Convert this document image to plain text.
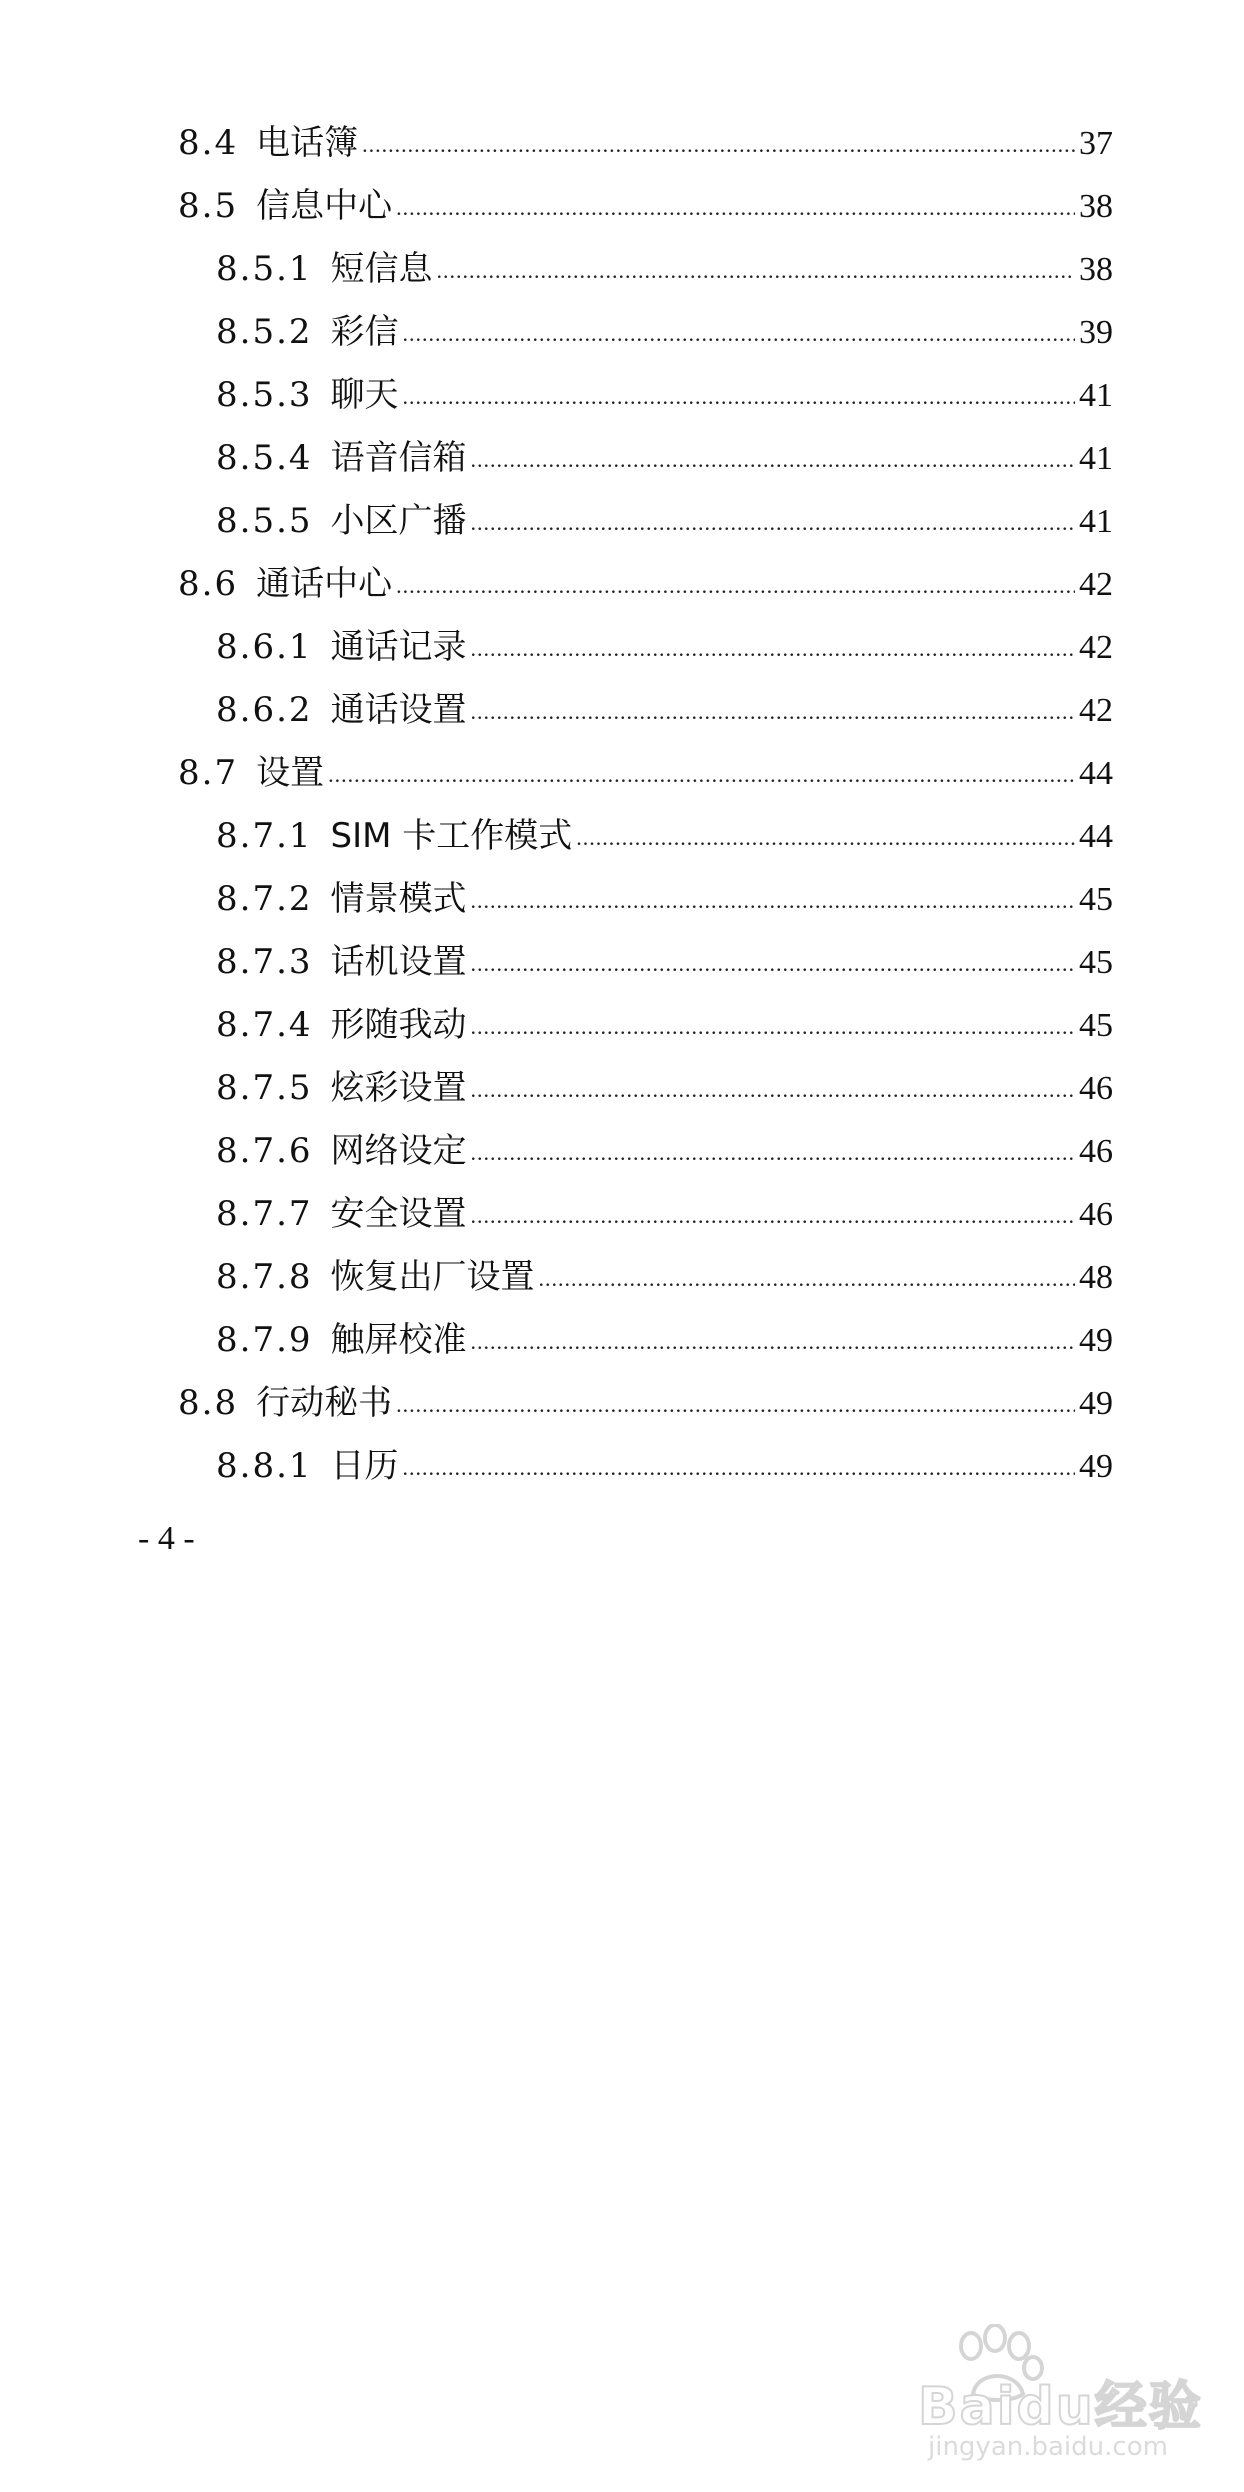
8.4 电话簿 .....	37
8.5 信息中心 .....	38
8.5.1 短信息 .....	38
8.5.2 彩信 .....	39
8.5.3 聊天 .....	41
8.5.4 语音信箱 .....	41
8.5.5 小区广播 .....	41
8.6 通话中心 .....	42
8.6.1 通话记录 .....	42
8.6.2 通话设置 .....	42
8.7 设置 .....	44
8.7.1 SIM 卡工作模式 .....	44
8.7.2 情景模式 .....	45
8.7.3 话机设置 .....	45
8.7.4 形随我动 .....	45
8.7.5 炫彩设置 .....	46
8.7.6 网络设定 .....	46
8.7.7 安全设置 .....	46
8.7.8 恢复出厂设置 .....	48
8.7.9 触屏校准 .....	49
8.8 行动秘书 .....	49
8.8.1 日历 .....	49
- 4 -
Baidu经验
jingyan.baidu.com
